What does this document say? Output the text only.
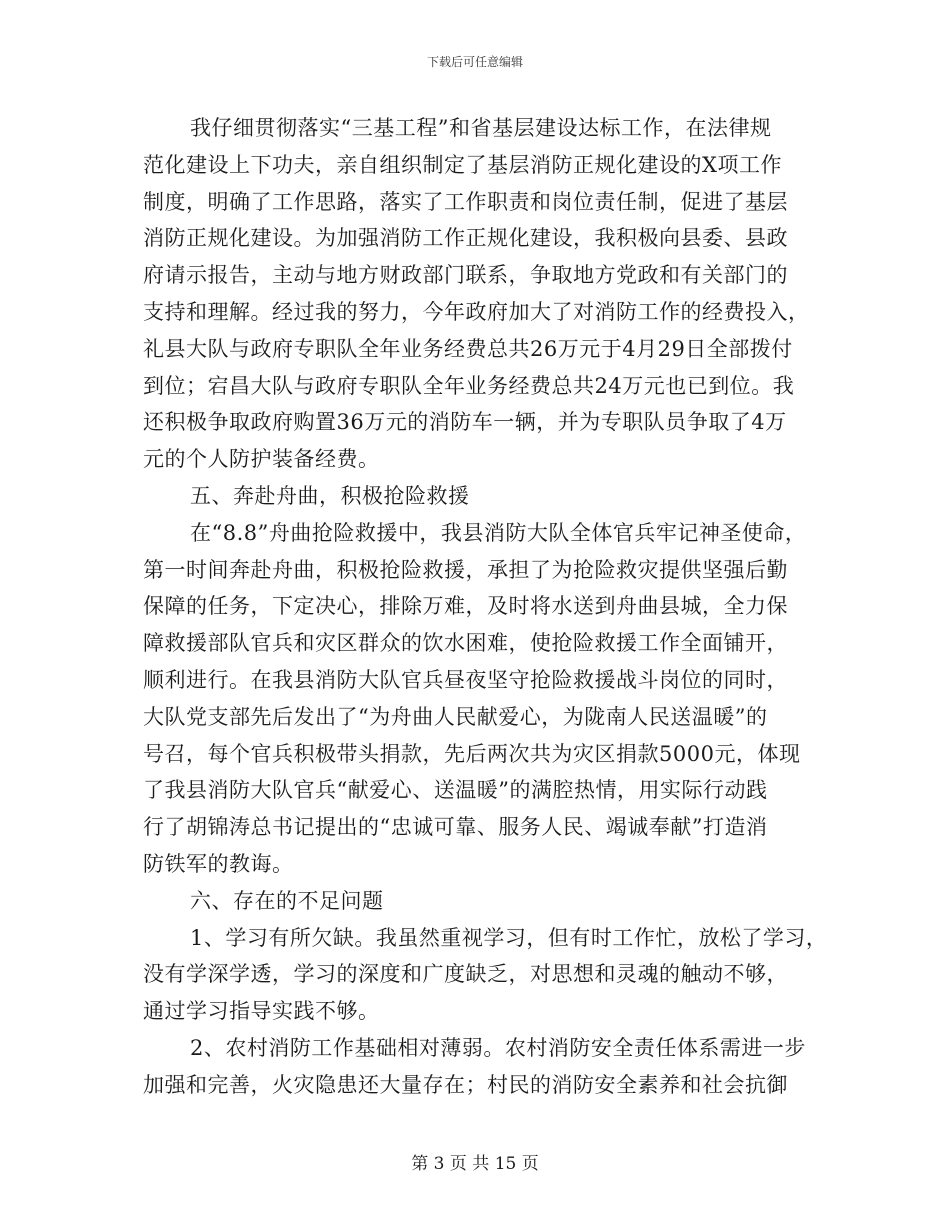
下载后可任意编辑
我仔细贯彻落实“三基工程”和省基层建设达标工作，在法律规
范化建设上下功夫，亲自组织制定了基层消防正规化建设的X项工作
制度，明确了工作思路，落实了工作职责和岗位责任制，促进了基层
消防正规化建设。为加强消防工作正规化建设，我积极向县委、县政
府请示报告，主动与地方财政部门联系，争取地方党政和有关部门的
支持和理解。经过我的努力，今年政府加大了对消防工作的经费投入，
礼县大队与政府专职队全年业务经费总共26万元于4月29日全部拨付
到位；宕昌大队与政府专职队全年业务经费总共24万元也已到位。我
还积极争取政府购置36万元的消防车一辆，并为专职队员争取了4万
元的个人防护装备经费。
五、奔赴舟曲，积极抢险救援
在“8.8”舟曲抢险救援中，我县消防大队全体官兵牢记神圣使命，
第一时间奔赴舟曲，积极抢险救援，承担了为抢险救灾提供坚强后勤
保障的任务，下定决心，排除万难，及时将水送到舟曲县城，全力保
障救援部队官兵和灾区群众的饮水困难，使抢险救援工作全面铺开，
顺利进行。在我县消防大队官兵昼夜坚守抢险救援战斗岗位的同时，
大队党支部先后发出了“为舟曲人民献爱心，为陇南人民送温暖”的
号召，每个官兵积极带头捐款，先后两次共为灾区捐款5000元，体现
了我县消防大队官兵“献爱心、送温暖”的满腔热情，用实际行动践
行了胡锦涛总书记提出的“忠诚可靠、服务人民、竭诚奉献”打造消
防铁军的教诲。
六、存在的不足问题
1、学习有所欠缺。我虽然重视学习，但有时工作忙，放松了学习，
没有学深学透，学习的深度和广度缺乏，对思想和灵魂的触动不够，
通过学习指导实践不够。
2、农村消防工作基础相对薄弱。农村消防安全责任体系需进一步
加强和完善，火灾隐患还大量存在；村民的消防安全素养和社会抗御
第 3 页 共 15 页
